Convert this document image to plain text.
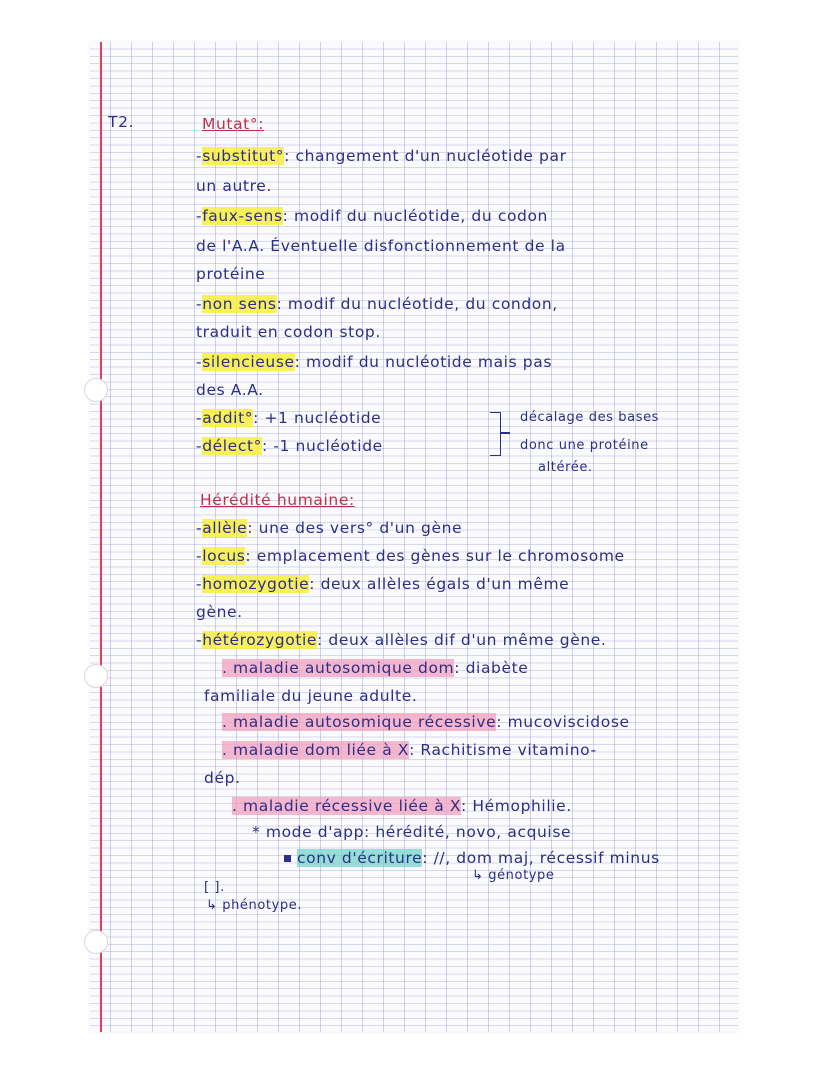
T2.	Mutat°:
-substitut°: changement d'un nucléotide par
un autre.
-faux-sens: modif du nucléotide, du codon
de l'A.A. Éventuelle disfonctionnement de la
protéine
-non sens: modif du nucléotide, du condon,
traduit en codon stop.
-silencieuse: modif du nucléotide mais pas
des A.A.
-addit°: +1 nucléotide
-délect°: -1 nucléotide
décalage des bases
donc une protéine
altérée.
Hérédité humaine:
-allèle: une des vers° d'un gène
-locus: emplacement des gènes sur le chromosome
-homozygotie: deux allèles égals d'un même
gène.
-hétérozygotie: deux allèles dif d'un même gène.
. maladie autosomique dom: diabète
familiale du jeune adulte.
. maladie autosomique récessive: mucoviscidose
. maladie dom liée à X: Rachitisme vitamino-
dép.
. maladie récessive liée à X: Hémophilie.
* mode d'app: hérédité, novo, acquise
conv d'écriture: //, dom maj, récessif minus
↳ génotype
[ ].
↳ phénotype.
